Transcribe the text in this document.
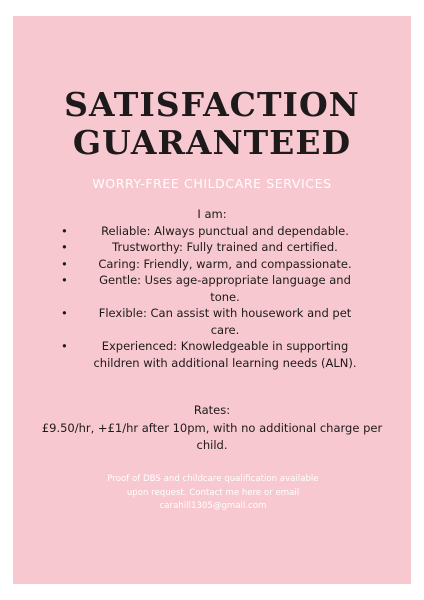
SATISFACTION
GUARANTEED
WORRY-FREE CHILDCARE SERVICES
I am:
•	Reliable: Always punctual and dependable.
•	Trustworthy: Fully trained and certified.
•	Caring: Friendly, warm, and compassionate.
•	Gentle: Uses age-appropriate language and tone.
•	Flexible: Can assist with housework and pet care.
•	Experienced: Knowledgeable in supporting children with additional learning needs (ALN).
Rates:
£9.50/hr, +£1/hr after 10pm, with no additional charge per child.
Proof of DBS and childcare qualification available upon request. Contact me here or email carahill1305@gmail.com
